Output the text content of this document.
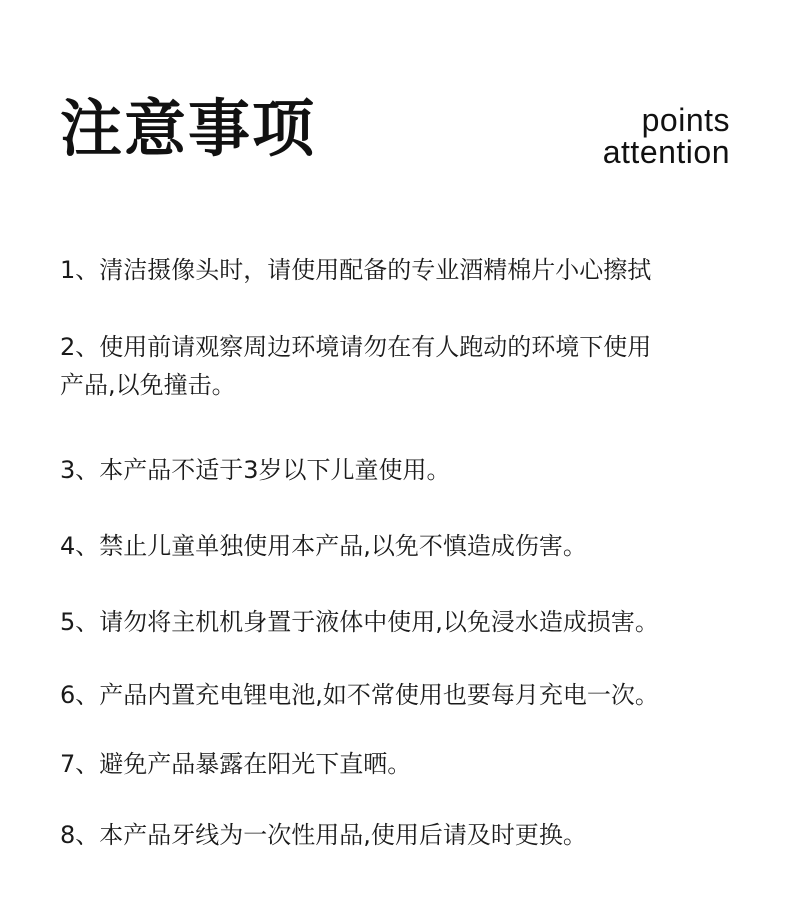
注意事项	points
attention
1、清洁摄像头时，请使用配备的专业酒精棉片小心擦拭
2、使用前请观察周边环境请勿在有人跑动的环境下使用
产品,以免撞击。
3、本产品不适于3岁以下儿童使用。
4、禁止儿童单独使用本产品,以免不慎造成伤害。
5、请勿将主机机身置于液体中使用,以免浸水造成损害。
6、产品内置充电锂电池,如不常使用也要每月充电一次。
7、避免产品暴露在阳光下直晒。
8、本产品牙线为一次性用品,使用后请及时更换。
